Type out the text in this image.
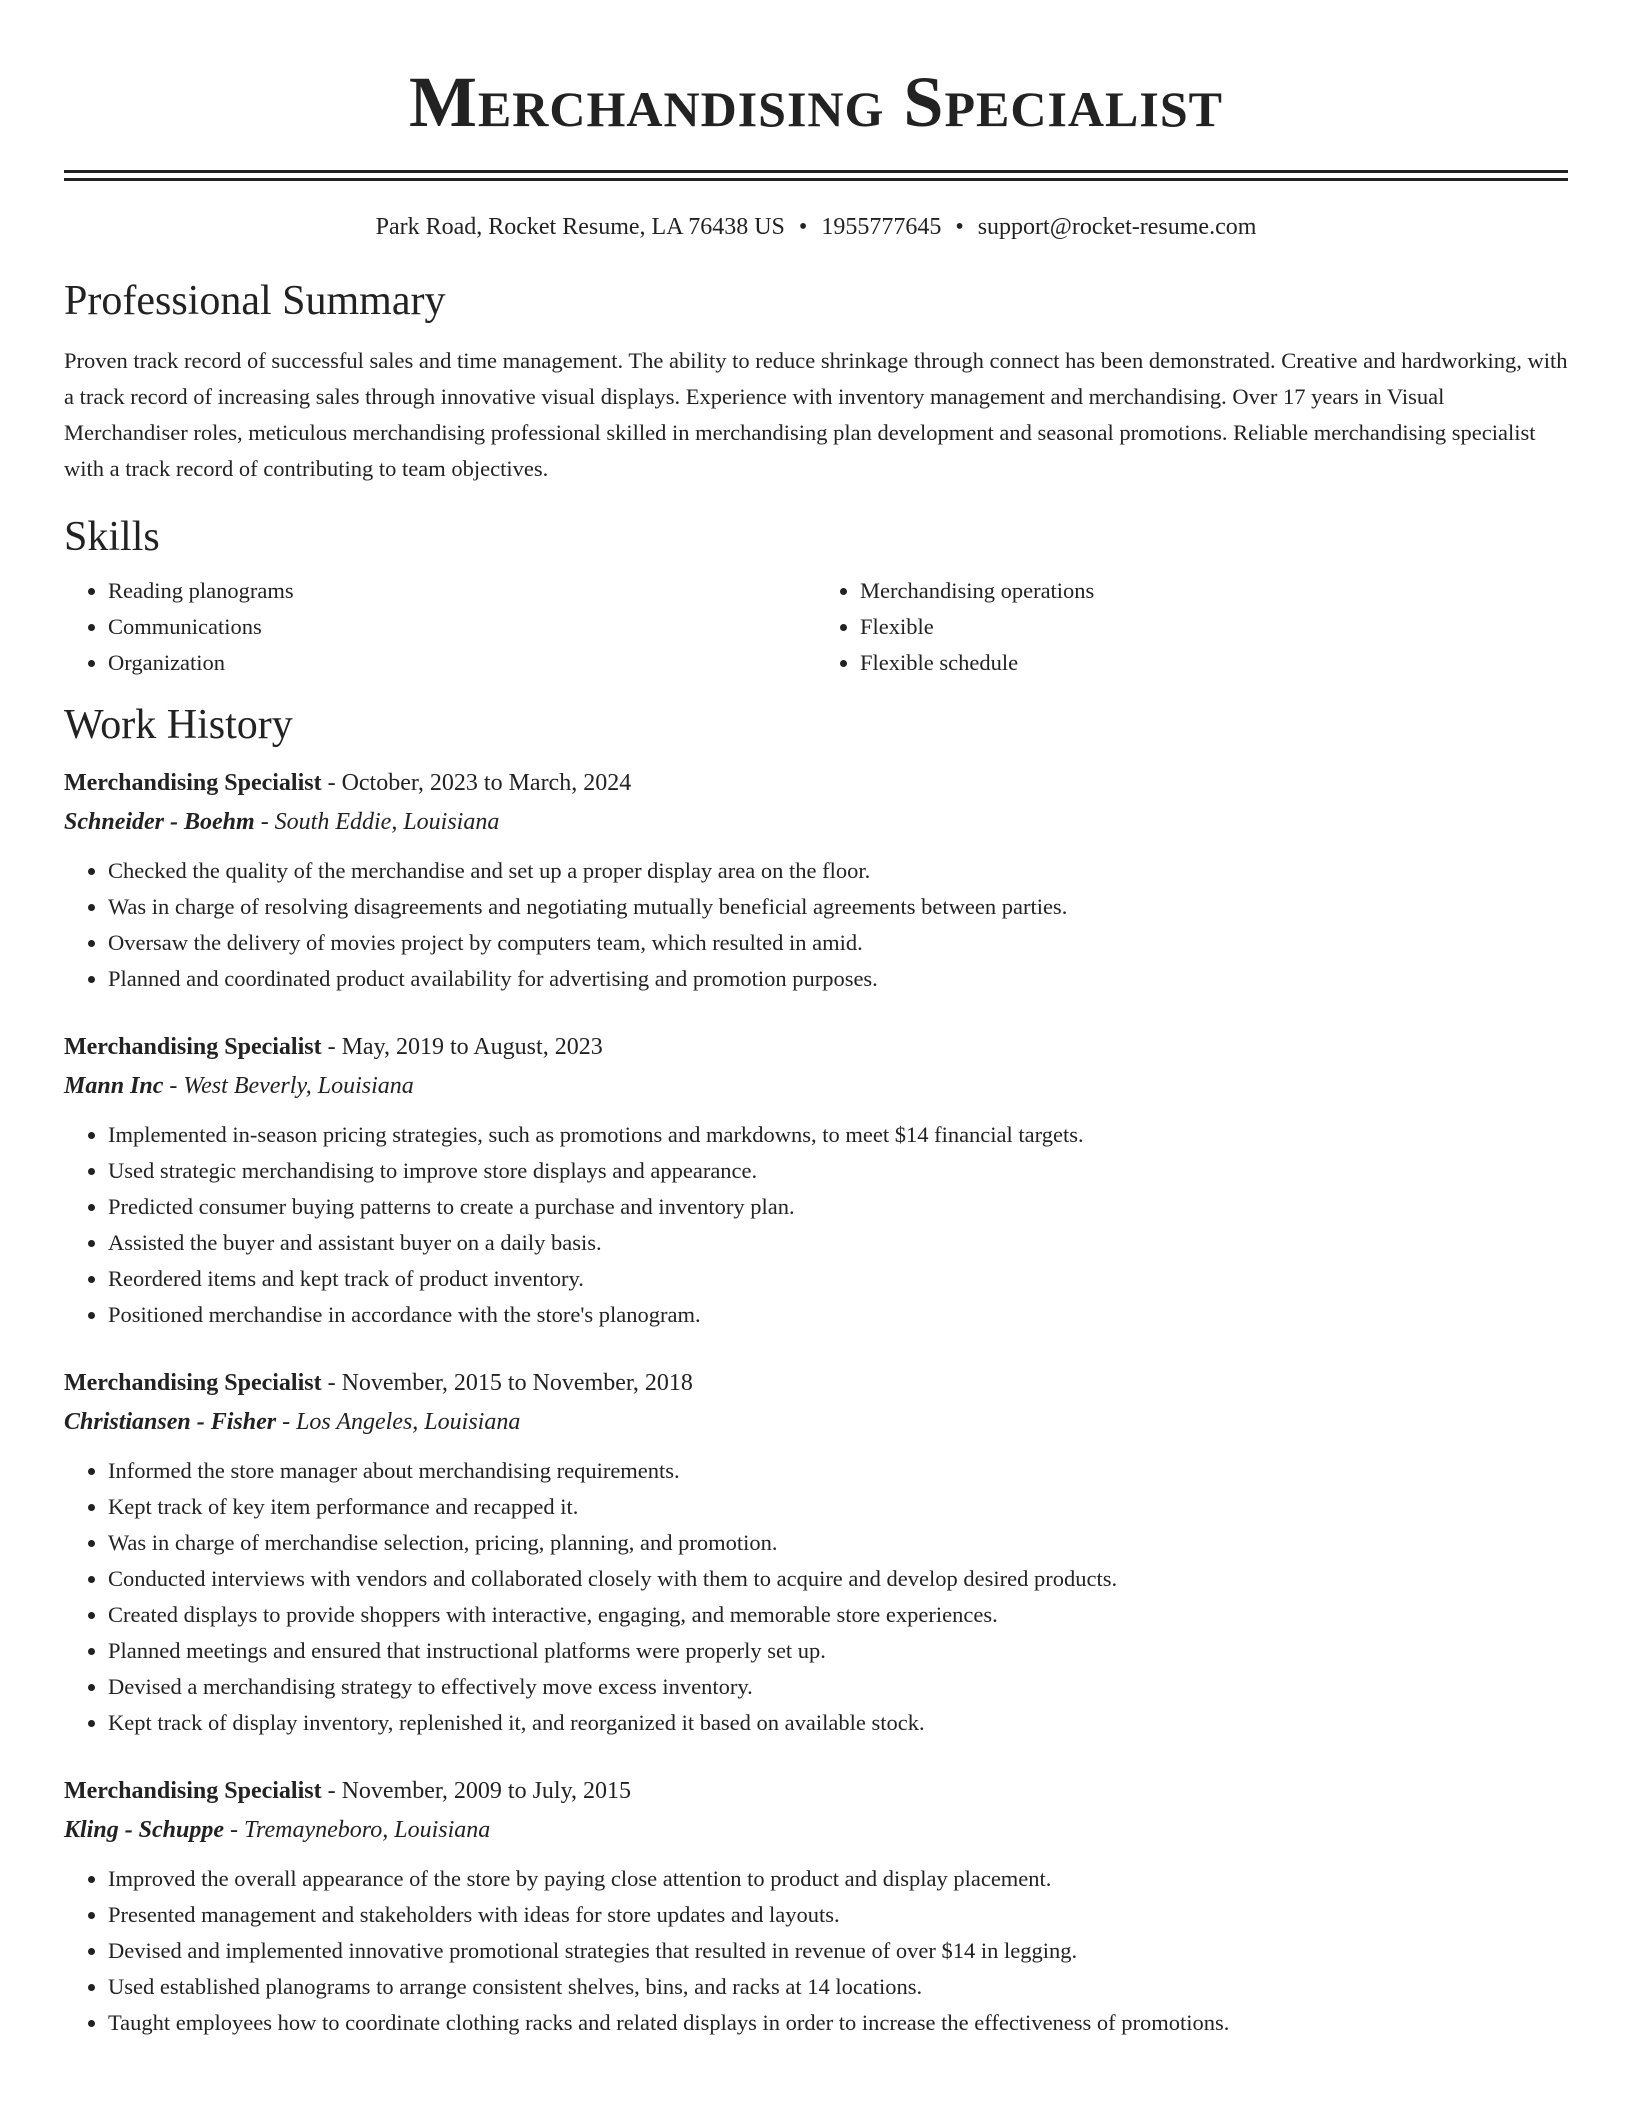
Merchandising Specialist
Park Road, Rocket Resume, LA 76438 US • 1955777645 • support@rocket-resume.com
Professional Summary
Proven track record of successful sales and time management. The ability to reduce shrinkage through connect has been demonstrated. Creative and hardworking, with a track record of increasing sales through innovative visual displays. Experience with inventory management and merchandising. Over 17 years in Visual Merchandiser roles, meticulous merchandising professional skilled in merchandising plan development and seasonal promotions. Reliable merchandising specialist with a track record of contributing to team objectives.
Skills
• Reading planograms
• Communications
• Organization
• Merchandising operations
• Flexible
• Flexible schedule
Work History
Merchandising Specialist - October, 2023 to March, 2024
Schneider - Boehm - South Eddie, Louisiana
• Checked the quality of the merchandise and set up a proper display area on the floor.
• Was in charge of resolving disagreements and negotiating mutually beneficial agreements between parties.
• Oversaw the delivery of movies project by computers team, which resulted in amid.
• Planned and coordinated product availability for advertising and promotion purposes.
Merchandising Specialist - May, 2019 to August, 2023
Mann Inc - West Beverly, Louisiana
• Implemented in-season pricing strategies, such as promotions and markdowns, to meet $14 financial targets.
• Used strategic merchandising to improve store displays and appearance.
• Predicted consumer buying patterns to create a purchase and inventory plan.
• Assisted the buyer and assistant buyer on a daily basis.
• Reordered items and kept track of product inventory.
• Positioned merchandise in accordance with the store's planogram.
Merchandising Specialist - November, 2015 to November, 2018
Christiansen - Fisher - Los Angeles, Louisiana
• Informed the store manager about merchandising requirements.
• Kept track of key item performance and recapped it.
• Was in charge of merchandise selection, pricing, planning, and promotion.
• Conducted interviews with vendors and collaborated closely with them to acquire and develop desired products.
• Created displays to provide shoppers with interactive, engaging, and memorable store experiences.
• Planned meetings and ensured that instructional platforms were properly set up.
• Devised a merchandising strategy to effectively move excess inventory.
• Kept track of display inventory, replenished it, and reorganized it based on available stock.
Merchandising Specialist - November, 2009 to July, 2015
Kling - Schuppe - Tremayneboro, Louisiana
• Improved the overall appearance of the store by paying close attention to product and display placement.
• Presented management and stakeholders with ideas for store updates and layouts.
• Devised and implemented innovative promotional strategies that resulted in revenue of over $14 in legging.
• Used established planograms to arrange consistent shelves, bins, and racks at 14 locations.
• Taught employees how to coordinate clothing racks and related displays in order to increase the effectiveness of promotions.
